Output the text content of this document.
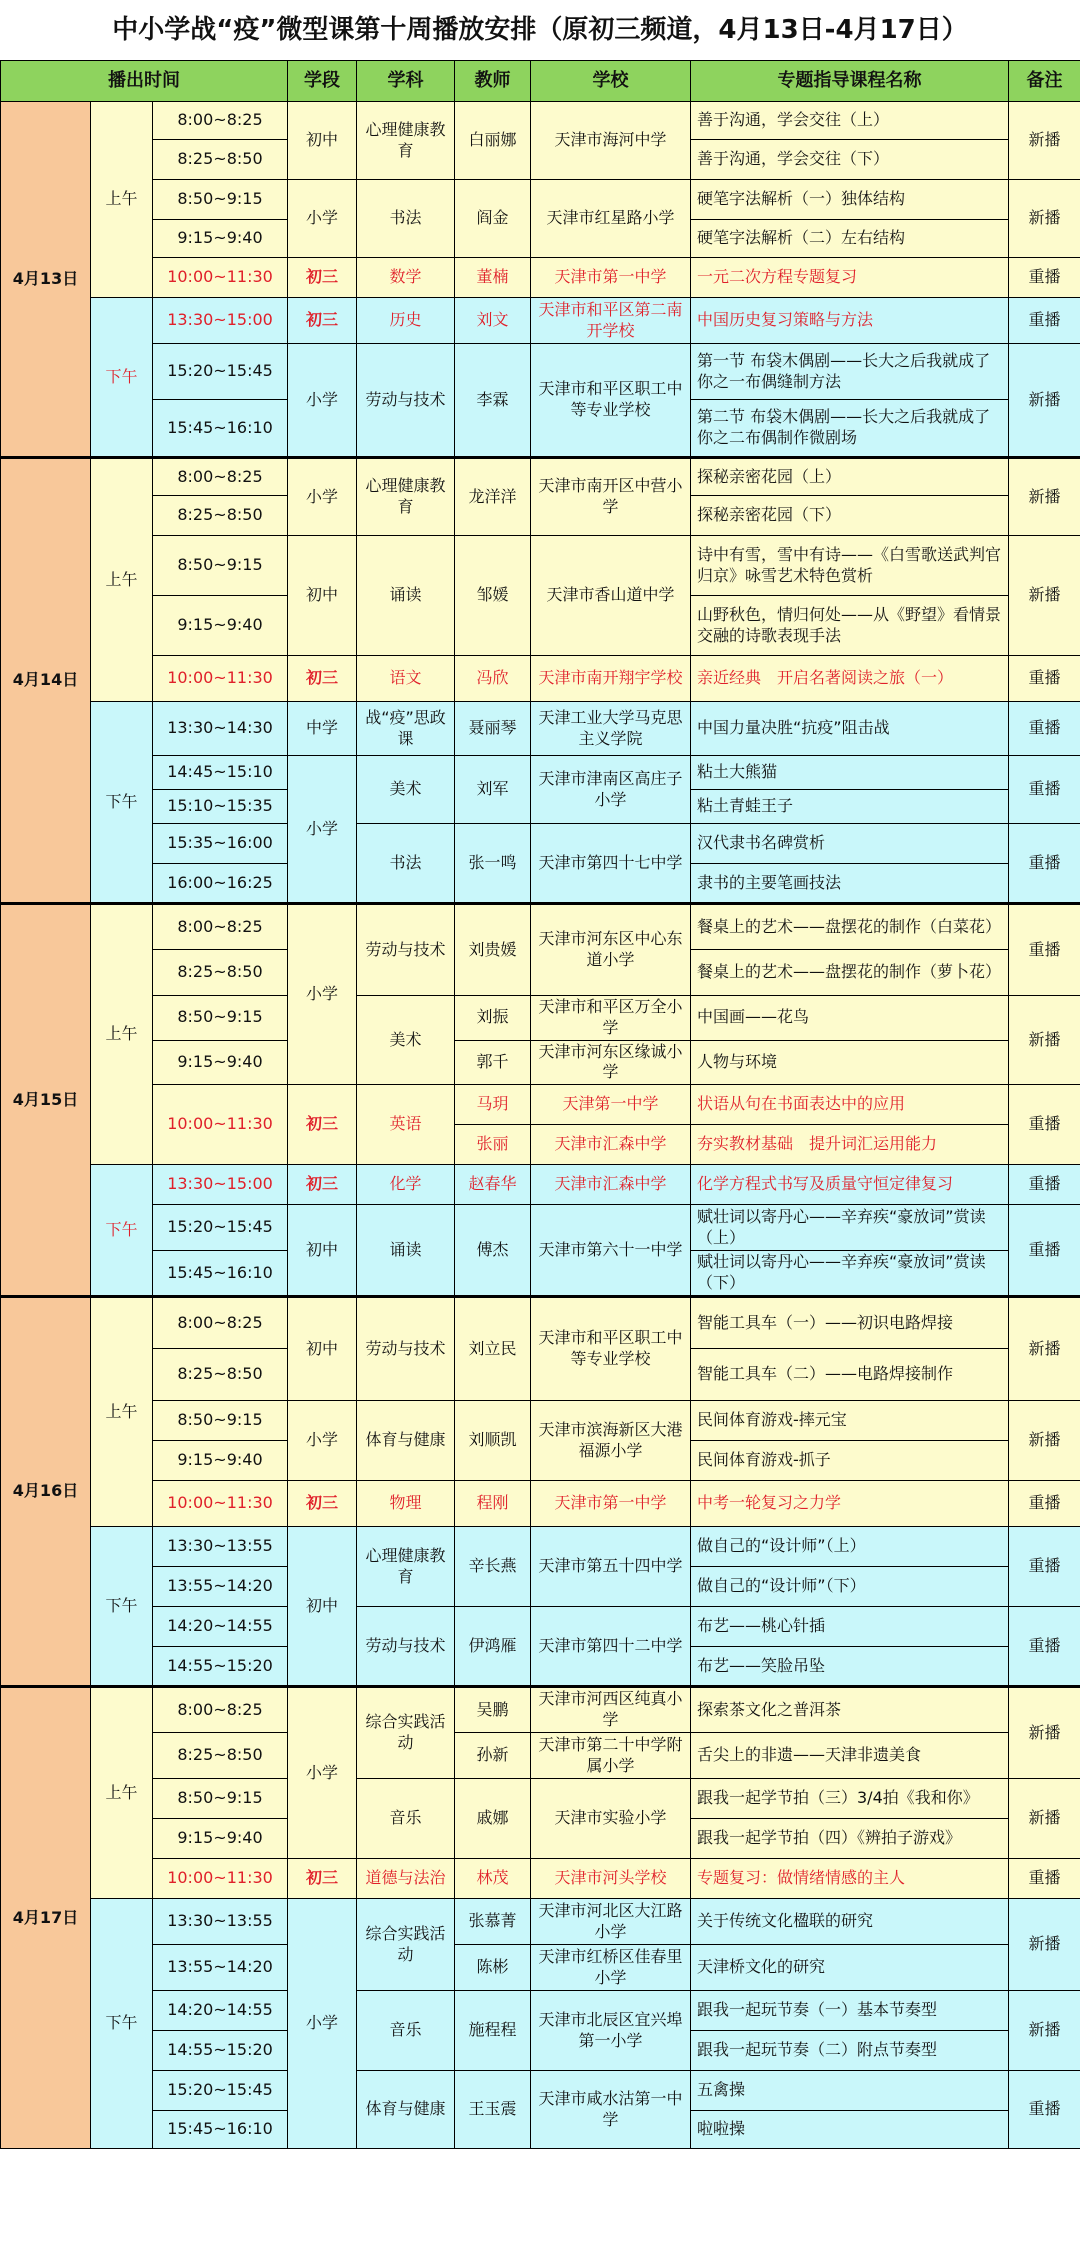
中小学战“疫”微型课第十周播放安排（原初三频道，4月13日-4月17日）
播出时间			学段	学科	教师	学校	专题指导课程名称	备注
4月13日	上午	8:00~8:25	初中	心理健康教育	白丽娜	天津市海河中学	善于沟通，学会交往（上）	新播
		8:25~8:50					善于沟通，学会交往（下）	
		8:50~9:15	小学	书法	阎金	天津市红星路小学	硬笔字法解析（一）独体结构	新播
		9:15~9:40					硬笔字法解析（二）左右结构	
		10:00~11:30	初三	数学	董楠	天津市第一中学	一元二次方程专题复习	重播
	下午	13:30~15:00	初三	历史	刘文	天津市和平区第二南开学校	中国历史复习策略与方法	重播
		15:20~15:45	小学	劳动与技术	李霖	天津市和平区职工中等专业学校	第一节 布袋木偶剧——长大之后我就成了你之一布偶缝制方法	新播
		15:45~16:10					第二节 布袋木偶剧——长大之后我就成了你之二布偶制作微剧场	
4月14日	上午	8:00~8:25	小学	心理健康教育	龙洋洋	天津市南开区中营小学	探秘亲密花园（上）	新播
		8:25~8:50					探秘亲密花园（下）	
		8:50~9:15	初中	诵读	邹媛	天津市香山道中学	诗中有雪，雪中有诗——《白雪歌送武判官归京》咏雪艺术特色赏析	新播
		9:15~9:40					山野秋色，情归何处——从《野望》看情景交融的诗歌表现手法	
		10:00~11:30	初三	语文	冯欣	天津市南开翔宇学校	亲近经典　开启名著阅读之旅（一）	重播
	下午	13:30~14:30	中学	战“疫”思政课	聂丽琴	天津工业大学马克思主义学院	中国力量决胜“抗疫”阻击战	重播
		14:45~15:10	小学	美术	刘军	天津市津南区高庄子小学	粘土大熊猫	重播
		15:10~15:35					粘土青蛙王子	
		15:35~16:00		书法	张一鸣	天津市第四十七中学	汉代隶书名碑赏析	重播
		16:00~16:25					隶书的主要笔画技法	
4月15日	上午	8:00~8:25	小学	劳动与技术	刘贵媛	天津市河东区中心东道小学	餐桌上的艺术——盘摆花的制作（白菜花）	重播
		8:25~8:50					餐桌上的艺术——盘摆花的制作（萝卜花）	
		8:50~9:15		美术	刘振	天津市和平区万全小学	中国画——花鸟	新播
		9:15~9:40			郭千	天津市河东区缘诚小学	人物与环境	
		10:00~11:30	初三	英语	马玥	天津第一中学	状语从句在书面表达中的应用	重播
					张丽	天津市汇森中学	夯实教材基础　提升词汇运用能力	
	下午	13:30~15:00	初三	化学	赵春华	天津市汇森中学	化学方程式书写及质量守恒定律复习	重播
		15:20~15:45	初中	诵读	傅杰	天津市第六十一中学	赋壮词以寄丹心——辛弃疾“豪放词”赏读（上）	重播
		15:45~16:10					赋壮词以寄丹心——辛弃疾“豪放词”赏读（下）	
4月16日	上午	8:00~8:25	初中	劳动与技术	刘立民	天津市和平区职工中等专业学校	智能工具车（一）——初识电路焊接	新播
		8:25~8:50					智能工具车（二）——电路焊接制作	
		8:50~9:15	小学	体育与健康	刘顺凯	天津市滨海新区大港福源小学	民间体育游戏-摔元宝	新播
		9:15~9:40					民间体育游戏-抓子	
		10:00~11:30	初三	物理	程刚	天津市第一中学	中考一轮复习之力学	重播
	下午	13:30~13:55	初中	心理健康教育	辛长燕	天津市第五十四中学	做自己的“设计师”（上）	重播
		13:55~14:20					做自己的“设计师”（下）	
		14:20~14:55		劳动与技术	伊鸿雁	天津市第四十二中学	布艺——桃心针插	重播
		14:55~15:20					布艺——笑脸吊坠	
4月17日	上午	8:00~8:25	小学	综合实践活动	吴鹏	天津市河西区纯真小学	探索茶文化之普洱茶	新播
		8:25~8:50			孙新	天津市第二十中学附属小学	舌尖上的非遗——天津非遗美食	
		8:50~9:15		音乐	戚娜	天津市实验小学	跟我一起学节拍（三）3/4拍《我和你》	新播
		9:15~9:40					跟我一起学节拍（四）《辨拍子游戏》	
		10:00~11:30	初三	道德与法治	林茂	天津市河头学校	专题复习：做情绪情感的主人	重播
	下午	13:30~13:55	小学	综合实践活动	张慕菁	天津市河北区大江路小学	关于传统文化楹联的研究	新播
		13:55~14:20			陈彬	天津市红桥区佳春里小学	天津桥文化的研究	
		14:20~14:55		音乐	施程程	天津市北辰区宜兴埠第一小学	跟我一起玩节奏（一）基本节奏型	新播
		14:55~15:20					跟我一起玩节奏（二）附点节奏型	
		15:20~15:45		体育与健康	王玉震	天津市咸水沽第一中学	五禽操	重播
		15:45~16:10					啦啦操	
